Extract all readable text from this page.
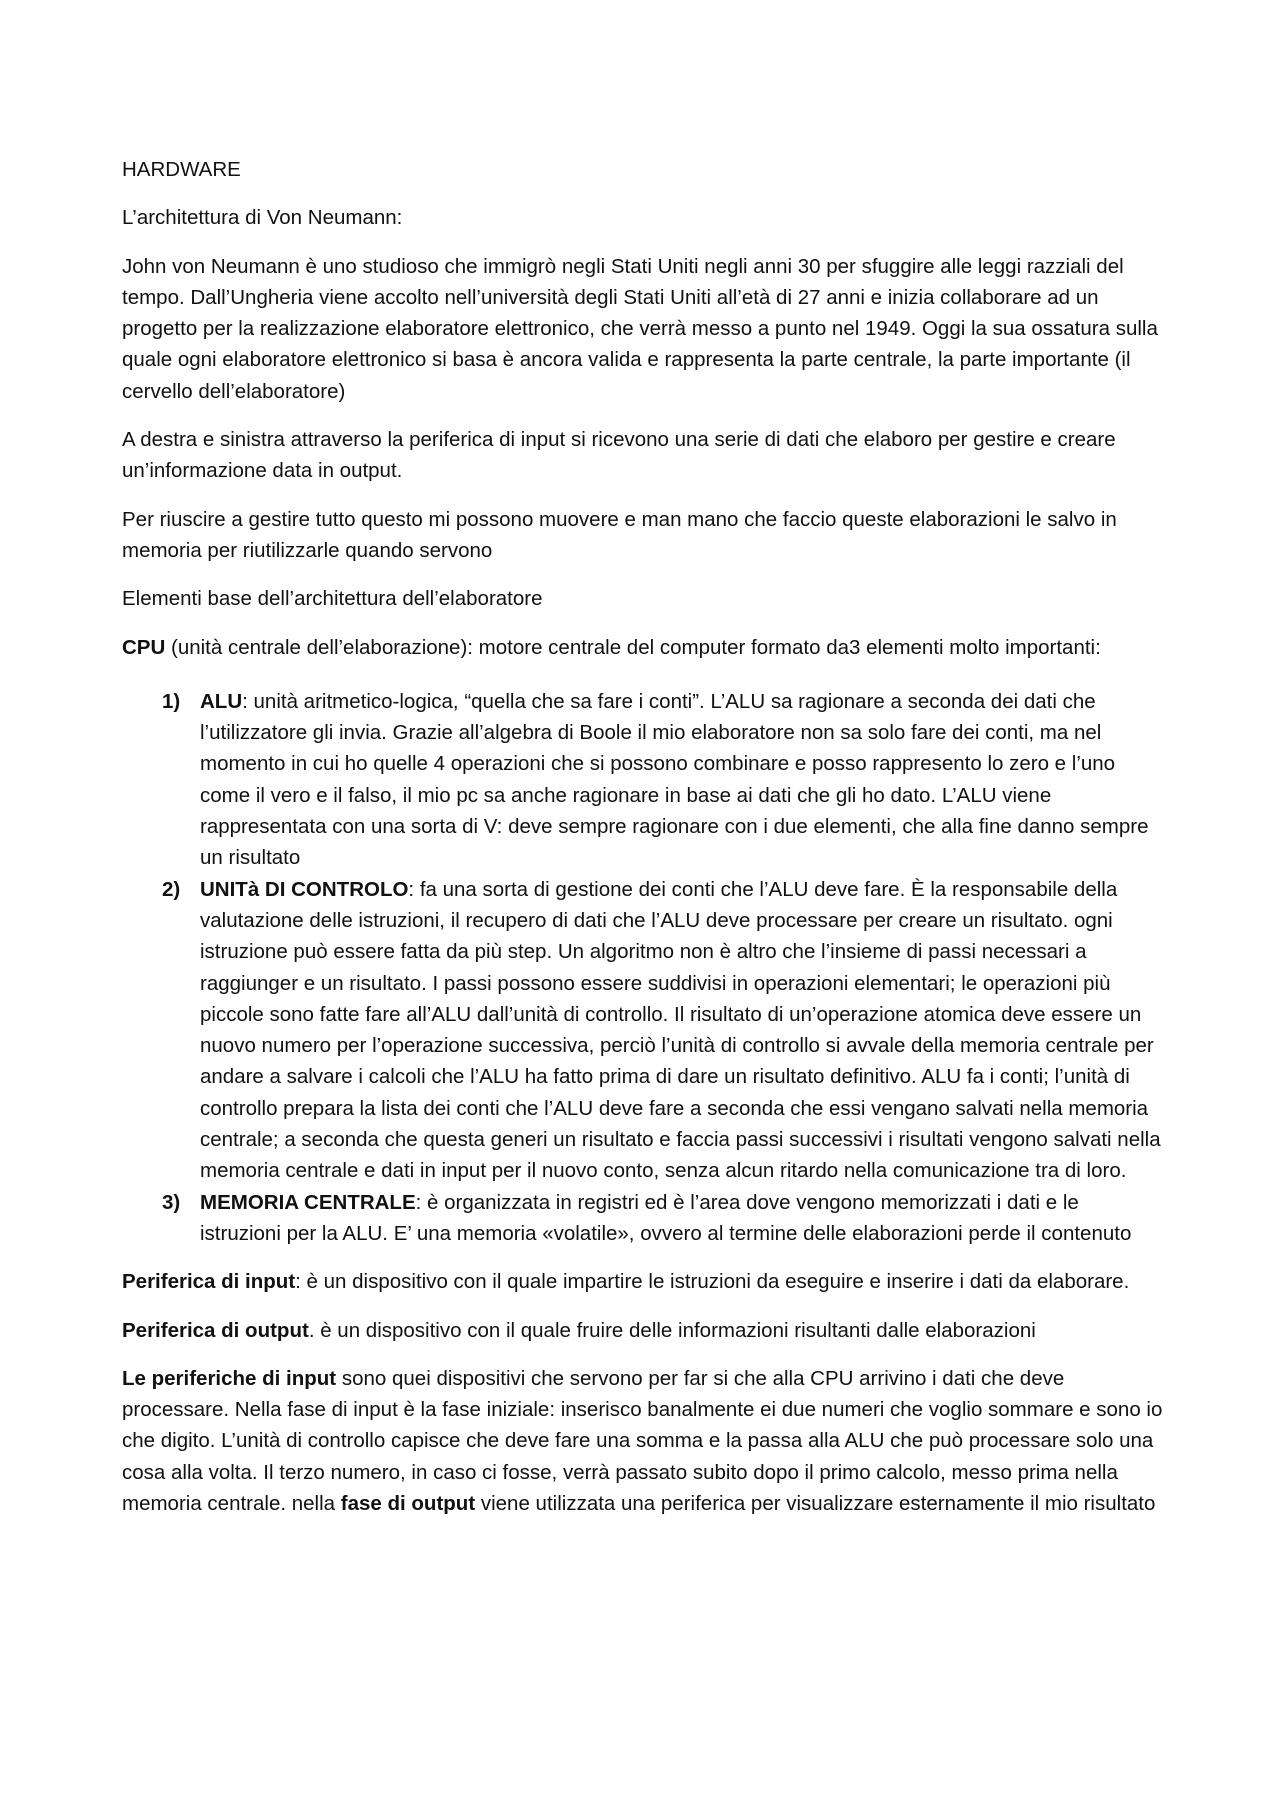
HARDWARE

L’architettura di Von Neumann:

John von Neumann è uno studioso che immigrò negli Stati Uniti negli anni 30 per sfuggire alle leggi razziali del tempo. Dall’Ungheria viene accolto nell’università degli Stati Uniti all’età di 27 anni e inizia collaborare ad un progetto per la realizzazione elaboratore elettronico, che verrà messo a punto nel 1949. Oggi la sua ossatura sulla quale ogni elaboratore elettronico si basa è ancora valida e rappresenta la parte centrale, la parte importante (il cervello dell’elaboratore)

A destra e sinistra attraverso la periferica di input si ricevono una serie di dati che elaboro per gestire e creare un’informazione data in output.

Per riuscire a gestire tutto questo mi possono muovere e man mano che faccio queste elaborazioni le salvo in memoria per riutilizzarle quando servono

Elementi base dell’architettura dell’elaboratore

CPU (unità centrale dell’elaborazione): motore centrale del computer formato da3 elementi molto importanti:

1) ALU: unità aritmetico-logica, “quella che sa fare i conti”. L’ALU sa ragionare a seconda dei dati che l’utilizzatore gli invia. Grazie all’algebra di Boole il mio elaboratore non sa solo fare dei conti, ma nel momento in cui ho quelle 4 operazioni che si possono combinare e posso rappresento lo zero e l’uno come il vero e il falso, il mio pc sa anche ragionare in base ai dati che gli ho dato. L’ALU viene rappresentata con una sorta di V: deve sempre ragionare con i due elementi, che alla fine danno sempre un risultato
2) UNITà DI CONTROLO: fa una sorta di gestione dei conti che l’ALU deve fare. È la responsabile della valutazione delle istruzioni, il recupero di dati che l’ALU deve processare per creare un risultato. ogni istruzione può essere fatta da più step. Un algoritmo non è altro che l’insieme di passi necessari a raggiunger e un risultato. I passi possono essere suddivisi in operazioni elementari; le operazioni più piccole sono fatte fare all’ALU dall’unità di controllo. Il risultato di un’operazione atomica deve essere un nuovo numero per l’operazione successiva, perciò l’unità di controllo si avvale della memoria centrale per andare a salvare i calcoli che l’ALU ha fatto prima di dare un risultato definitivo. ALU fa i conti; l’unità di controllo prepara la lista dei conti che l’ALU deve fare a seconda che essi vengano salvati nella memoria centrale; a seconda che questa generi un risultato e faccia passi successivi i risultati vengono salvati nella memoria centrale e dati in input per il nuovo conto, senza alcun ritardo nella comunicazione tra di loro.
3) MEMORIA CENTRALE: è organizzata in registri ed è l’area dove vengono memorizzati i dati e le istruzioni per la ALU. E’ una memoria «volatile», ovvero al termine delle elaborazioni perde il contenuto

Periferica di input: è un dispositivo con il quale impartire le istruzioni da eseguire e inserire i dati da elaborare.

Periferica di output. è un dispositivo con il quale fruire delle informazioni risultanti dalle elaborazioni

Le periferiche di input sono quei dispositivi che servono per far si che alla CPU arrivino i dati che deve processare. Nella fase di input è la fase iniziale: inserisco banalmente ei due numeri che voglio sommare e sono io che digito. L’unità di controllo capisce che deve fare una somma e la passa alla ALU che può processare solo una cosa alla volta. Il terzo numero, in caso ci fosse, verrà passato subito dopo il primo calcolo, messo prima nella memoria centrale. nella fase di output viene utilizzata una periferica per visualizzare esternamente il mio risultato
